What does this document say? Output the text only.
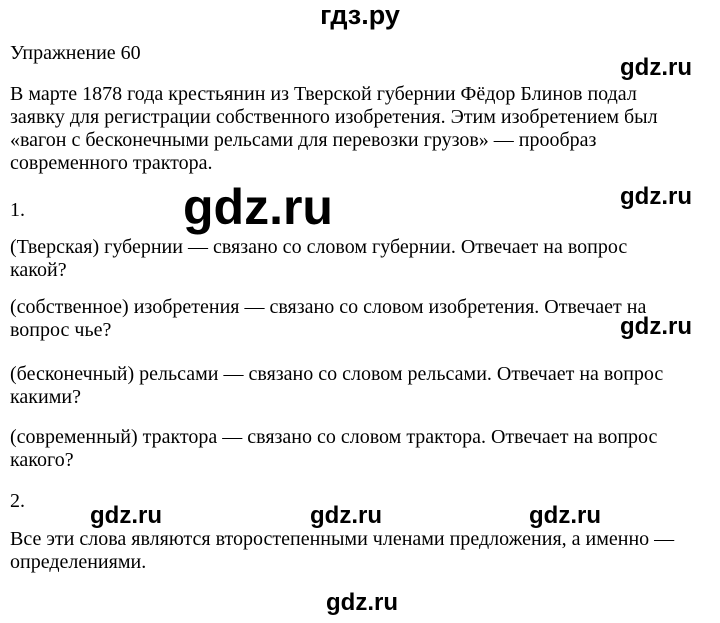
гдз.ру
Упражнение 60
В марте 1878 года крестьянин из Тверской губернии Фёдор Блинов подал
заявку для регистрации собственного изобретения. Этим изобретением был
«вагон с бесконечными рельсами для перевозки грузов» — прообраз
современного трактора.
1.
(Тверская) губернии — связано со словом губернии. Отвечает на вопрос
какой?
(собственное) изобретения — связано со словом изобретения. Отвечает на
вопрос чье?
(бесконечный) рельсами — связано со словом рельсами. Отвечает на вопрос
какими?
(современный) трактора — связано со словом трактора. Отвечает на вопрос
какого?
2.
Все эти слова являются второстепенными членами предложения, а именно —
определениями.
gdz.ru
gdz.ru	gdz.ru
gdz.ru
gdz.ru	gdz.ru	gdz.ru
gdz.ru
